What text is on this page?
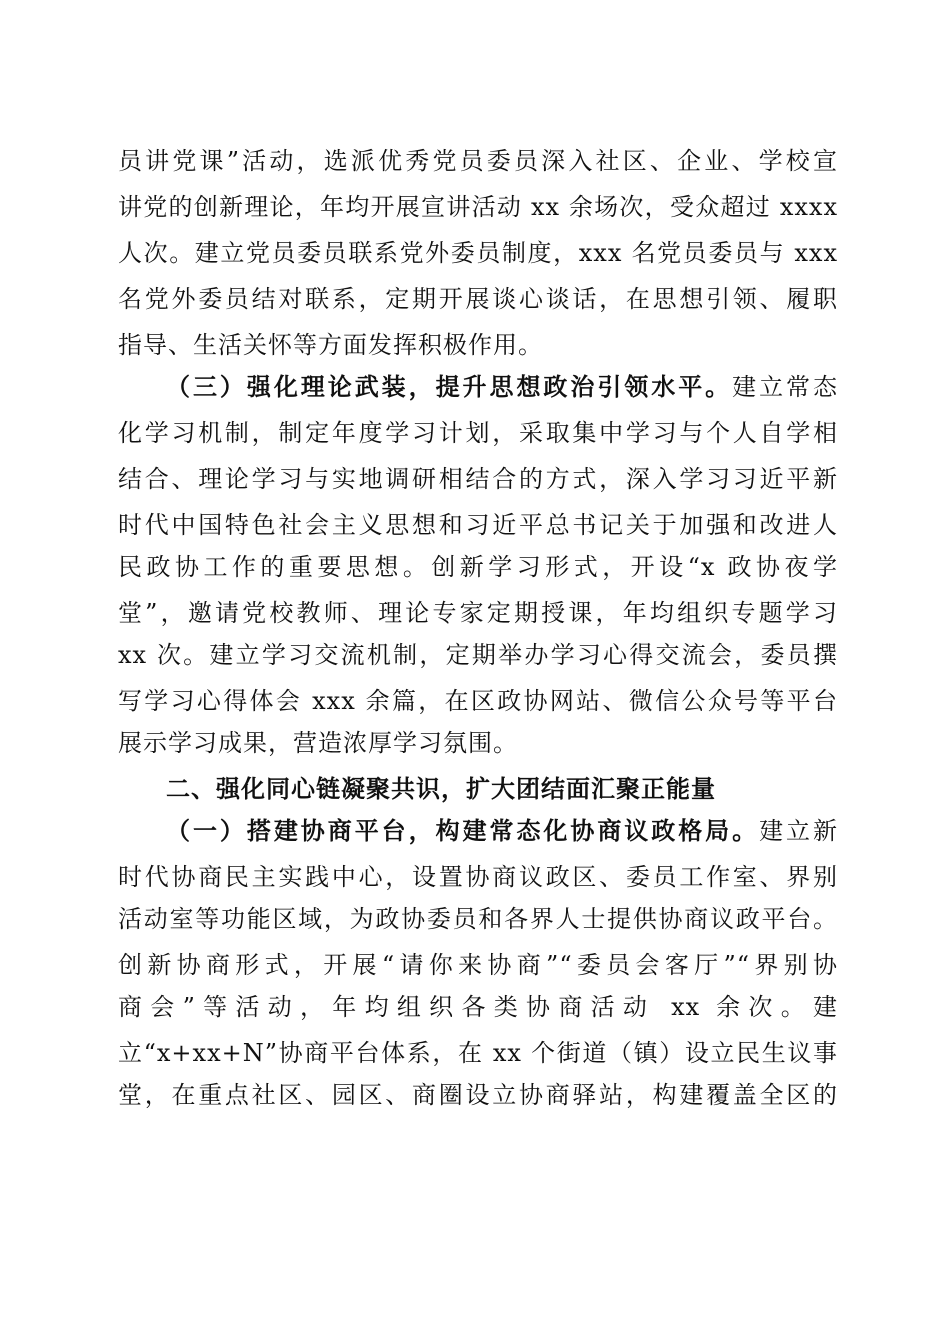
员讲党课”活动，选派优秀党员委员深入社区、企业、学校宣
讲党的创新理论，年均开展宣讲活动 xx 余场次，受众超过 xxxx
人次。建立党员委员联系党外委员制度，xxx 名党员委员与 xxx
名党外委员结对联系，定期开展谈心谈话，在思想引领、履职
指导、生活关怀等方面发挥积极作用。
（三）强化理论武装，提升思想政治引领水平。建立常态
化学习机制，制定年度学习计划，采取集中学习与个人自学相
结合、理论学习与实地调研相结合的方式，深入学习习近平新
时代中国特色社会主义思想和习近平总书记关于加强和改进人
民政协工作的重要思想。创新学习形式，开设“x 政协夜学
堂”，邀请党校教师、理论专家定期授课，年均组织专题学习
xx 次。建立学习交流机制，定期举办学习心得交流会，委员撰
写学习心得体会 xxx 余篇，在区政协网站、微信公众号等平台
展示学习成果，营造浓厚学习氛围。
二、强化同心链凝聚共识，扩大团结面汇聚正能量
（一）搭建协商平台，构建常态化协商议政格局。建立新
时代协商民主实践中心，设置协商议政区、委员工作室、界别
活动室等功能区域，为政协委员和各界人士提供协商议政平台。
创新协商形式，开展“请你来协商”“委员会客厅”“界别协
商会”等活动，年均组织各类协商活动 xx 余次。建
立“x+xx+N”协商平台体系，在 xx 个街道（镇）设立民生议事
堂，在重点社区、园区、商圈设立协商驿站，构建覆盖全区的
